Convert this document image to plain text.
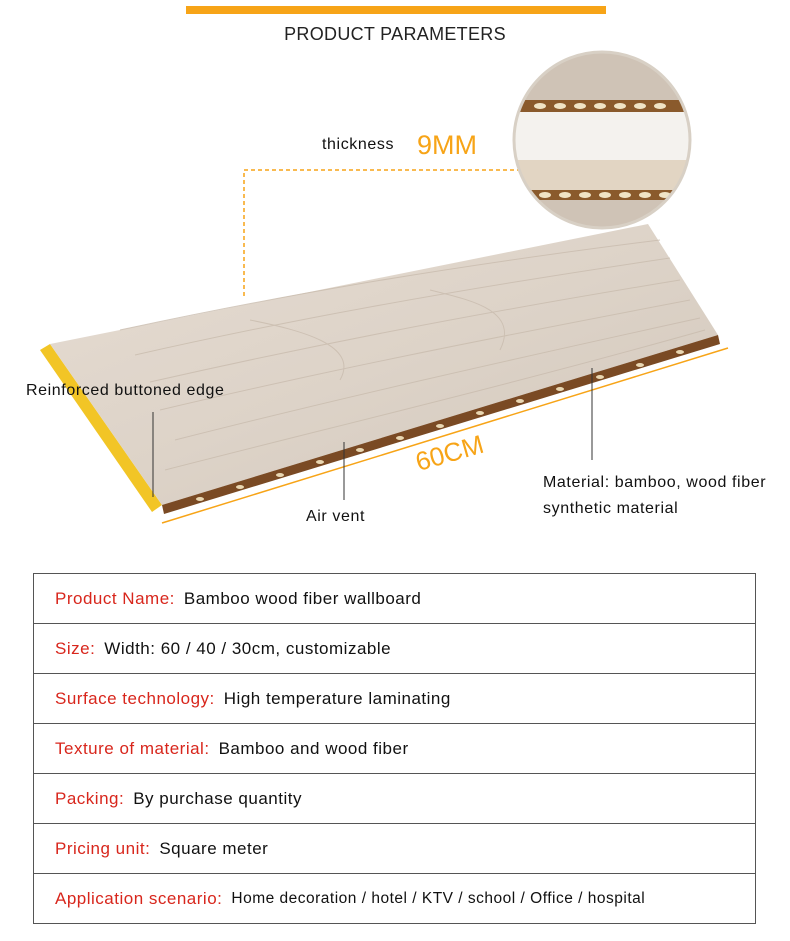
PRODUCT PARAMETERS
thickness 9MM
60CM
Reinforced buttoned edge
Air vent
Material: bamboo, wood fiber synthetic material
Product Name: Bamboo wood fiber wallboard
Size: Width: 60 / 40 / 30cm, customizable
Surface technology: High temperature laminating
Texture of material: Bamboo and wood fiber
Packing: By purchase quantity
Pricing unit: Square meter
Application scenario: Home decoration / hotel / KTV / school / Office / hospital
